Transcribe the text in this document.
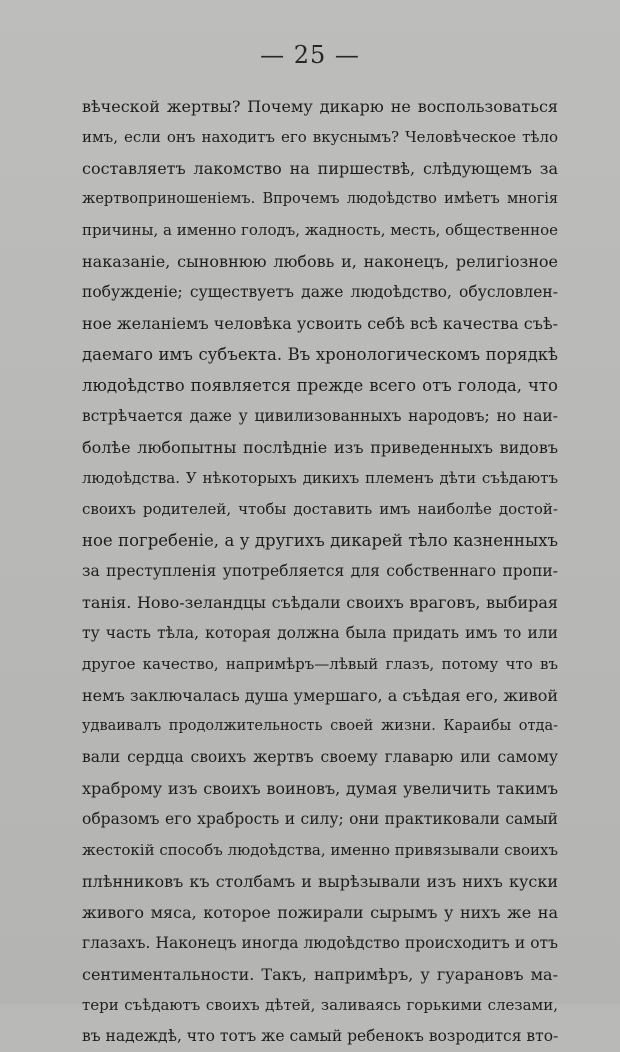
— 25 —
вѣческой жертвы? Почему дикарю не воспользоваться
имъ, если онъ находитъ его вкуснымъ? Человѣческое тѣло
составляетъ лакомство на пиршествѣ, слѣдующемъ за
жертвоприношеніемъ. Впрочемъ людоѣдство имѣетъ многія
причины, а именно голодъ, жадность, месть, общественное
наказаніе, сыновнюю любовь и, наконецъ, религіозное
побужденіе; существуетъ даже людоѣдство, обусловлен-
ное желаніемъ человѣка усвоить себѣ всѣ качества съѣ-
даемаго имъ субъекта. Въ хронологическомъ порядкѣ
людоѣдство появляется прежде всего отъ голода, что
встрѣчается даже у цивилизованныхъ народовъ; но наи-
болѣе любопытны послѣдніе изъ приведенныхъ видовъ
людоѣдства. У нѣкоторыхъ дикихъ племенъ дѣти съѣдаютъ
своихъ родителей, чтобы доставить имъ наиболѣе достой-
ное погребеніе, а у другихъ дикарей тѣло казненныхъ
за преступленія употребляется для собственнаго пропи-
танія. Ново-зеландцы съѣдали своихъ враговъ, выбирая
ту часть тѣла, которая должна была придать имъ то или
другое качество, напримѣръ—лѣвый глазъ, потому что въ
немъ заключалась душа умершаго, а съѣдая его, живой
удваивалъ продолжительность своей жизни. Караибы отда-
вали сердца своихъ жертвъ своему главарю или самому
храброму изъ своихъ воиновъ, думая увеличить такимъ
образомъ его храбрость и силу; они практиковали самый
жестокій способъ людоѣдства, именно привязывали своихъ
плѣнниковъ къ столбамъ и вырѣзывали изъ нихъ куски
живого мяса, которое пожирали сырымъ у нихъ же на
глазахъ. Наконецъ иногда людоѣдство происходитъ и отъ
сентиментальности. Такъ, напримѣръ, у гуарановъ ма-
тери съѣдаютъ своихъ дѣтей, заливаясь горькими слезами,
въ надеждѣ, что тотъ же самый ребенокъ возродится вто-
